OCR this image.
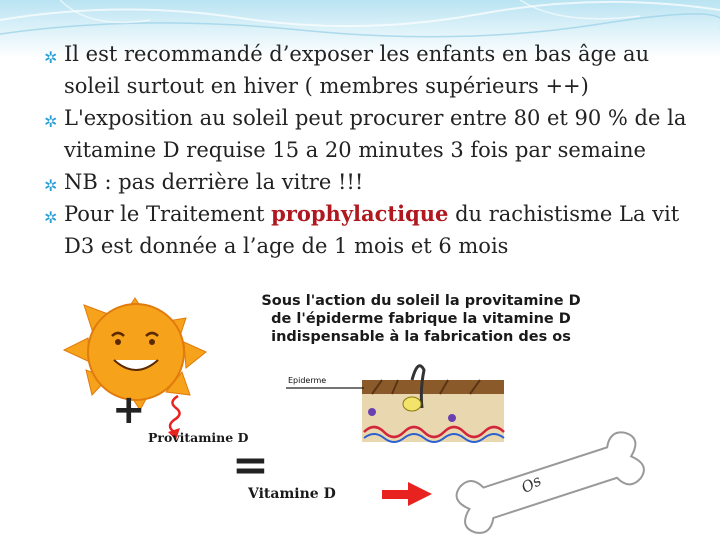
✲ Il est recommandé d’exposer les enfants en bas âge au soleil surtout en hiver ( membres supérieurs ++)
✲ L'exposition au soleil peut procurer entre 80 et 90 % de la vitamine D requise 15 a 20 minutes 3 fois par semaine
✲ NB : pas derrière la vitre !!!
✲ Pour le Traitement prophylactique du rachistisme La vit D3 est donnée a l’age de 1 mois et 6 mois
+
Epiderme
Provitamine D
=
Vitamine D	Os
Sous l'action du soleil la provitamine D
de l'épiderme fabrique la vitamine D
indispensable à la fabrication des os
